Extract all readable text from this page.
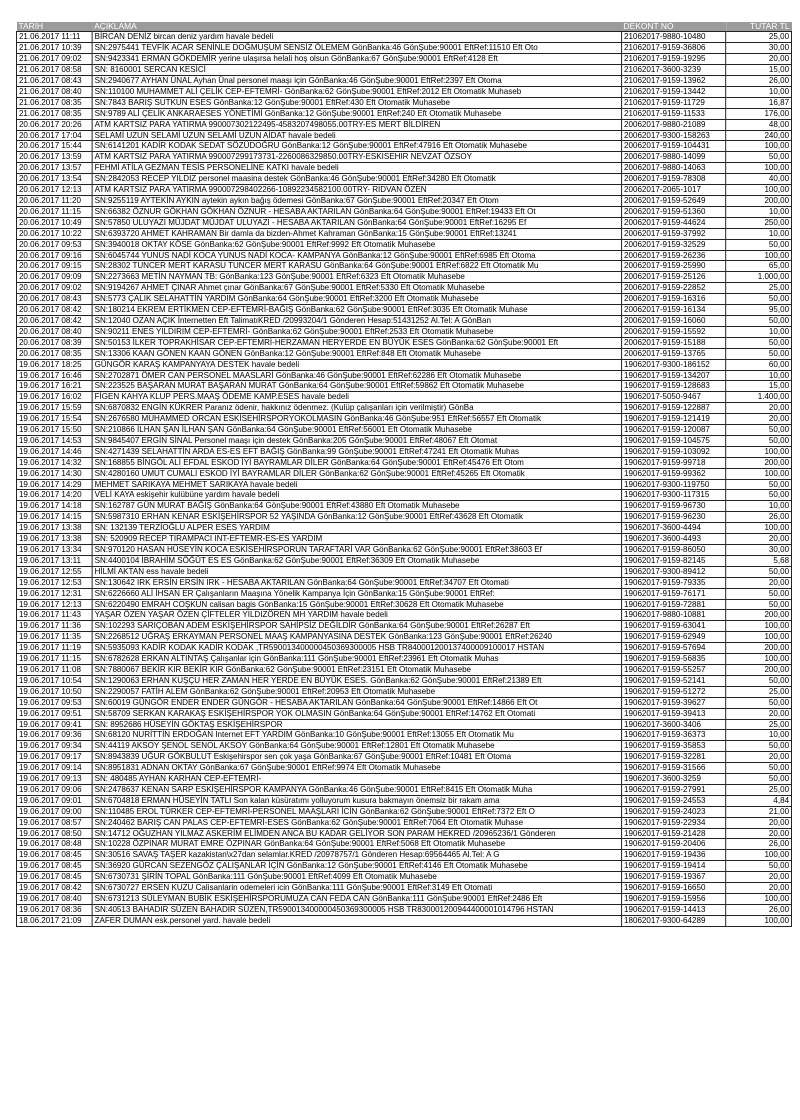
TARİH	AÇIKLAMA	DEKONT NO	TUTAR TL
21.06.2017 11:11	BİRCAN DENİZ bircan deniz yardım havale bedeli	21062017-9880-10480	25,00
21.06.2017 10:39	SN:2975441 TEVFİK ACAR SENİNLE DOĞMUŞUM SENSİZ ÖLEMEM GönBanka:46 GönŞube:90001 EftRef:11510 Eft Oto	21062017-9159-36806	30,00
21.06.2017 09:02	SN:9423341 ERMAN GÖKDEMİR yerine ulaşırsa helali hoş olsun GönBanka:67 GönŞube:90001 EftRef:4128 Eft	21062017-9159-19295	20,00
21.06.2017 08:58	SN: 8160001 SERCAN KESİCİ	21062017-3600-3239	15,00
21.06.2017 08:43	SN:2940677 AYHAN ÜNAL Ayhan Ünal personel maaşı için GönBanka:46 GönŞube:90001 EftRef:2397 Eft Otoma	21062017-9159-13962	26,00
21.06.2017 08:40	SN:110100 MUHAMMET ALİ ÇELİK CEP-EFTEMRİ- GönBanka:62 GönŞube:90001 EftRef:2012 Eft Otomatik Muhaseb	21062017-9159-13442	10,00
21.06.2017 08:35	SN:7843 BARIŞ SUTKUN ESES GönBanka:12 GönŞube:90001 EftRef:430 Eft Otomatik Muhasebe	21062017-9159-11729	16,87
21.06.2017 08:35	SN:9789 ALİ ÇELİK ANKARAESES YÖNETİMİ GönBanka:12 GönŞube:90001 EftRef:240 Eft Otomatik Muhasebe	21062017-9159-11533	176,00
20.06.2017 20:26	ATM KARTSIZ PARA YATIRMA 990007302122495-4583207498055.00TRY-ES MERT BİLDİREN	20062017-9880-21089	48,00
20.06.2017 17:04	SELAMİ UZUN SELAMİ UZUN SELAMİ UZUN AİDAT havale bedeli	20062017-9300-158263	240,00
20.06.2017 15:44	SN:6141201 KADİR KODAK SEDAT SÖZÜDOĞRU GönBanka:12 GönŞube:90001 EftRef:47916 Eft Otomatik Muhasebe	20062017-9159-104431	100,00
20.06.2017 13:59	ATM KARTSIZ PARA YATIRMA 990007299173731-2260086329850.00TRY-ESKISEHIR NEVZAT ÖZSOY	20062017-9880-14099	50,00
20.06.2017 13:57	FEHMİ ATİLA GEZMAN TESİS PERSONELİNE KATKI havale bedeli	20062017-9880-14063	100,00
20.06.2017 13:54	SN:2842053 RECEP YILDIZ personel maasina destek GönBanka:46 GönŞube:90001 EftRef:34280 Eft Otomatik	20062017-9159-78308	40,00
20.06.2017 12:13	ATM KARTSIZ PARA YATIRMA 990007298402266-10892234582100.00TRY- RIDVAN ÖZEN	20062017-2065-1017	100,00
20.06.2017 11:20	SN:9255119 AYTEKİN AYKIN aytekin aykın bağış ödemesi GönBanka:67 GönŞube:90001 EftRef:20347 Eft Otom	20062017-9159-52649	200,00
20.06.2017 11:15	SN:66382 ÖZNUR GÖKHAN GÖKHAN ÖZNUR - HESABA AKTARILAN GönBanka:64 GönŞube:90001 EftRef:19433 Eft Ot	20062017-9159-51360	10,00
20.06.2017 10:49	SN:57850 ULUYAZI MÜJDAT MÜJDAT ULUYAZI - HESABA AKTARILAN GönBanka:64 GönŞube:90001 EftRef:16295 Ef	20062017-9159-44624	250,00
20.06.2017 10:22	SN:6393720 AHMET KAHRAMAN Bir damla da bizden-Ahmet Kahraman GönBanka:15 GönŞube:90001 EftRef:13241	20062017-9159-37992	10,00
20.06.2017 09:53	SN:3940018 OKTAY KÖSE GönBanka:62 GönŞube:90001 EftRef:9992 Eft Otomatik Muhasebe	20062017-9159-32529	50,00
20.06.2017 09:16	SN:6045744 YUNUS NADİ KOCA YUNUS NADİ KOCA- KAMPANYA GönBanka:12 GönŞube:90001 EftRef:6985 Eft Otoma	20062017-9159-26236	100,00
20.06.2017 09:15	SN:28302 TUNCER MERT KARASU TUNCER MERT KARASU GönBanka:64 GönŞube:90001 EftRef:6822 Eft Otomatik Mu	20062017-9159-25990	65,00
20.06.2017 09:09	SN:2273663 METİN NAYMAN TB: GönBanka:123 GönŞube:90001 EftRef:6323 Eft Otomatik Muhasebe	20062017-9159-25126	1.000,00
20.06.2017 09:02	SN:9194267 AHMET ÇINAR Ahmet çınar GönBanka:67 GönŞube:90001 EftRef:5330 Eft Otomatik Muhasebe	20062017-9159-22852	25,00
20.06.2017 08:43	SN:5773 ÇALIK SELAHATTİN YARDIM GönBanka:64 GönŞube:90001 EftRef:3200 Eft Otomatik Muhasebe	20062017-9159-16316	50,00
20.06.2017 08:42	SN:180214 EKREM ERTİKMEN CEP-EFTEMRİ-BAĞIŞ GönBanka:62 GönŞube:90001 EftRef:3035 Eft Otomatik Muhase	20062017-9159-16134	95,00
20.06.2017 08:42	SN:12040 OZAN AÇIK İnternetten Eft TalimatıKRED /20993204/1 Gönderen Hesap:51431252 Al.Tel: A GönBan	20062017-9159-16060	50,00
20.06.2017 08:40	SN:90211 ENES YILDIRIM CEP-EFTEMRİ- GönBanka:62 GönŞube:90001 EftRef:2533 Eft Otomatik Muhasebe	20062017-9159-15592	10,00
20.06.2017 08:39	SN:50153 İLKER TOPRAKHİSAR CEP-EFTEMRİ-HERZAMAN HERYERDE EN BÜYÜK ESES GönBanka:62 GönŞube:90001 Eft	20062017-9159-15188	50,00
20.06.2017 08:35	SN:13306 KAAN GÖNEN KAAN GÖNEN GönBanka:12 GönŞube:90001 EftRef:848 Eft Otomatik Muhasebe	20062017-9159-13765	50,00
19.06.2017 18:25	GÜNGÖR KARAŞ KAMPANYAYA DESTEK havale bedeli	19062017-9300-186152	60,00
19.06.2017 16:46	SN:2702871 ÖMER CAN PERSONEL MAASLARİ GönBanka:46 GönŞube:90001 EftRef:62286 Eft Otomatik Muhasebe	19062017-9159-134207	10,00
19.06.2017 16:21	SN:223525 BAŞARAN MURAT BAŞARAN MURAT GönBanka:64 GönŞube:90001 EftRef:59862 Eft Otomatik Muhasebe	19062017-9159-128683	15,00
19.06.2017 16:02	FİGEN KAHYA KLUP PERS.MAAŞ ÖDEME KAMP.ESES havale bedeli	19062017-5050-9467	1.400,00
19.06.2017 15:59	SN:6870832 ENGİN KÜKRER Paranız ödenir, hakkınız ödenmez. (Kulüp çalışanları için verilmiştir) GönBa	19062017-9159-122887	20,00
19.06.2017 15:54	SN:2676580 MUHAMMED ORCAN ESKİSEHİRSPORYOKOLMASIN GönBanka:46 GönŞube:951 EftRef:56557 Eft Otomatik	19062017-9159-121419	20,00
19.06.2017 15:50	SN:210866 İLHAN ŞAN İLHAN ŞAN GönBanka:64 GönŞube:90001 EftRef:56001 Eft Otomatik Muhasebe	19062017-9159-120087	50,00
19.06.2017 14:53	SN:9845407 ERGİN SİNAL Personel maaşı için destek GönBanka:205 GönŞube:90001 EftRef:48067 Eft Otomat	19062017-9159-104575	50,00
19.06.2017 14:46	SN:4271439 SELAHATTİN ARDA ES-ES EFT BAĞIŞ GönBanka:99 GönŞube:90001 EftRef:47241 Eft Otomatik Muhas	19062017-9159-103092	100,00
19.06.2017 14:32	SN:168855 BİNGÖL ALİ EFDAL ESKOD İYİ BAYRAMLAR DİLER GönBanka:64 GönŞube:90001 EftRef:45476 Eft Otom	19062017-9159-99718	200,00
19.06.2017 14:30	SN:4280160 UMUT CUMALI ESKOD İYİ BAYRAMLAR DİLER GönBanka:62 GönŞube:90001 EftRef:45265 Eft Otomatik	19062017-9159-99362	100,00
19.06.2017 14:29	MEHMET SARIKAYA MEHMET SARIKAYA havale bedeli	19062017-9300-119750	50,00
19.06.2017 14:20	VELİ KAYA eskişehir kulübüne yardım havale bedeli	19062017-9300-117315	50,00
19.06.2017 14:18	SN:162787 GÜN MURAT BAĞIŞ GönBanka:64 GönŞube:90001 EftRef:43880 Eft Otomatik Muhasebe	19062017-9159-96730	10,00
19.06.2017 14:15	SN:5987310 ERHAN KENAR ESKİŞEHİRSPOR 52 YAŞINDA GönBanka:12 GönŞube:90001 EftRef:43628 Eft Otomatik	19062017-9159-96230	26,00
19.06.2017 13:38	SN: 132139 TERZİOĞLU ALPER ESES YARDIM	19062017-3600-4494	100,00
19.06.2017 13:38	SN: 520909 RECEP TIRAMPACI INT-EFTEMR-ES-ES YARDIM	19062017-3600-4493	20,00
19.06.2017 13:34	SN:970120 HASAN HÜSEYİN KOCA ESKİSEHİRSPORUN TARAFTARİ VAR GönBanka:62 GönŞube:90001 EftRef:38603 Ef	19062017-9159-86050	30,00
19.06.2017 13:11	SN:4400104 İBRAHİM SÖĞÜT ES ES GönBanka:62 GönŞube:90001 EftRef:36309 Eft Otomatik Muhasebe	19062017-9159-82145	5,68
19.06.2017 12:55	HİLMİ AKTAN ess havale bedeli	19062017-9300-89412	50,00
19.06.2017 12:53	SN:130642 IRK ERSİN ERSİN IRK - HESABA AKTARILAN GönBanka:64 GönŞube:90001 EftRef:34707 Eft Otomati	19062017-9159-79335	20,00
19.06.2017 12:31	SN:6226660 ALİ İHSAN ER Çalışanların Maaşına Yönelik Kampanya İçin GönBanka:15 GönŞube:90001 EftRef:	19062017-9159-76171	50,00
19.06.2017 12:13	SN:6220490 EMRAH COŞKUN calisan bagis GönBanka:15 GönŞube:90001 EftRef:30628 Eft Otomatik Muhasebe	19062017-9159-72881	50,00
19.06.2017 11:43	YAŞAR ÖZEN YAŞAR ÖZEN ÇİFTELER YILDIZÖREN MH YARDIM havale bedeli	19062017-9880-10881	200,00
19.06.2017 11:36	SN:102293 SARIÇOBAN ADEM ESKİŞEHİRSPOR SAHİPSİZ DEĞİLDİR GönBanka:64 GönŞube:90001 EftRef:26287 Eft	19062017-9159-63041	100,00
19.06.2017 11:35	SN:2268512 UĞRAŞ ERKAYMAN PERSONEL MAAŞ KAMPANYASINA DESTEK GönBanka:123 GönŞube:90001 EftRef:26240	19062017-9159-62949	100,00
19.06.2017 11:19	SN:5935093 KADİR KODAK KADİR KODAK ,TR590013400000450369300005 HSB TR840001200137400009100017 HSTAN	19062017-9159-57694	200,00
19.06.2017 11:15	SN:6782628 ERKAN ALTINTAŞ Çalışanlar için GönBanka:111 GönŞube:90001 EftRef:23961 Eft Otomatik Muhas	19062017-9159-56835	100,00
19.06.2017 11:08	SN:7880067 BEKİR KIR BEKİR KIR GönBanka:62 GönŞube:90001 EftRef:23151 Eft Otomatik Muhasebe	19062017-9159-55257	200,00
19.06.2017 10:54	SN:1290063 ERHAN KUŞÇU HER ZAMAN HER YERDE EN BÜYÜK ESES. GönBanka:62 GönŞube:90001 EftRef:21389 Eft	19062017-9159-52141	50,00
19.06.2017 10:50	SN:2290057 FATİH ALEM GönBanka:62 GönŞube:90001 EftRef:20953 Eft Otomatik Muhasebe	19062017-9159-51272	25,00
19.06.2017 09:53	SN:60019 GÜNGÖR ENDER ENDER GÜNGÖR - HESABA AKTARILAN GönBanka:64 GönŞube:90001 EftRef:14866 Eft Ot	19062017-9159-39627	50,00
19.06.2017 09:51	SN:58709 SERKAN KARAKAŞ ESKİŞEHİRSPOR YOK OLMASIN GönBanka:64 GönŞube:90001 EftRef:14762 Eft Otomati	19062017-9159-39413	20,00
19.06.2017 09:41	SN: 8952686 HÜSEYİN GÖKTAŞ ESKİŞEHİRSPOR	19062017-3600-3406	25,00
19.06.2017 09:36	SN:68120 NURİTTİN ERDOĞAN Internet EFT YARDIM GönBanka:10 GönŞube:90001 EftRef:13055 Eft Otomatik Mu	19062017-9159-36373	10,00
19.06.2017 09:34	SN:44119 AKSOY ŞENOL SENOL AKSOY GönBanka:64 GönŞube:90001 EftRef:12801 Eft Otomatik Muhasebe	19062017-9159-35853	50,00
19.06.2017 09:17	SN:8943839 UĞUR GÖKBULUT Eskişehirspor sen çok yaşa GönBanka:67 GönŞube:90001 EftRef:10481 Eft Otoma	19062017-9159-32281	20,00
19.06.2017 09:14	SN:8951831 ADNAN OKTAY GönBanka:67 GönŞube:90001 EftRef:9974 Eft Otomatik Muhasebe	19062017-9159-31566	50,00
19.06.2017 09:13	SN: 480485 AYHAN KARHAN CEP-EFTEMRİ-	19062017-3600-3259	50,00
19.06.2017 09:06	SN:2478637 KENAN SARP ESKİŞEHİRSPOR KAMPANYA GönBanka:46 GönŞube:90001 EftRef:8415 Eft Otomatik Muha	19062017-9159-27991	25,00
19.06.2017 09:01	SN:6704818 ERMAN HÜSEYİN TATLI Son kalan küsüratımı yolluyorum kusura bakmayın önemsiz bir rakam ama	19062017-9159-24553	4,84
19.06.2017 09:00	SN:110485 EROL TÜRKER CEP-EFTEMRİ-PERSONEL MAAŞLARI İCİN GönBanka:62 GönŞube:90001 EftRef:7372 Eft O	19062017-9159-24023	21,00
19.06.2017 08:57	SN:240462 BARIŞ CAN PALAS CEP-EFTEMRİ-ESES GönBanka:62 GönŞube:90001 EftRef:7064 Eft Otomatik Muhase	19062017-9159-22934	20,00
19.06.2017 08:50	SN:14712 OĞUZHAN YILMAZ ASKERİM ELİMDEN ANCA BU KADAR GELİYOR SON PARAM HEKRED /20965236/1 Gönderen	19062017-9159-21428	20,00
19.06.2017 08:48	SN:10228 ÖZPINAR MURAT EMRE ÖZPINAR GönBanka:64 GönŞube:90001 EftRef:5068 Eft Otomatik Muhasebe	19062017-9159-20406	26,00
19.06.2017 08:45	SN:30516 SAVAŞ TAŞER kazakistan\x27dan selamlar.KRED /20978757/1 Gönderen Hesap:69564465 Al.Tel: A G	19062017-9159-19436	100,00
19.06.2017 08:45	SN:36920 GÜRCAN SEZENGÖZ ÇALIŞANLAR İÇİN GönBanka:12 GönŞube:90001 EftRef:4146 Eft Otomatik Muhasebe	19062017-9159-19414	50,00
19.06.2017 08:45	SN:6730731 ŞİRİN TOPAL GönBanka:111 GönŞube:90001 EftRef:4099 Eft Otomatik Muhasebe	19062017-9159-19367	20,00
19.06.2017 08:42	SN:6730727 ERSEN KUZU Calisanlarin odemeleri icin GönBanka:111 GönŞube:90001 EftRef:3149 Eft Otomati	19062017-9159-16650	20,00
19.06.2017 08:40	SN:6731213 SÜLEYMAN BUBİK ESKİŞEHİRSPORUMUZA CAN FEDA CAN GönBanka:111 GönŞube:90001 EftRef:2486 Eft	19062017-9159-15956	100,00
19.06.2017 08:36	SN:40513 BAHADIR SÜZEN BAHADIR SÜZEN,TR590013400000450369300005 HSB TR830001200944400001014796 HSTAN	19062017-9159-14413	26,00
18.06.2017 21:09	ZAFER DUMAN esk.personel yard. havale bedeli	18062017-9300-64289	100,00
